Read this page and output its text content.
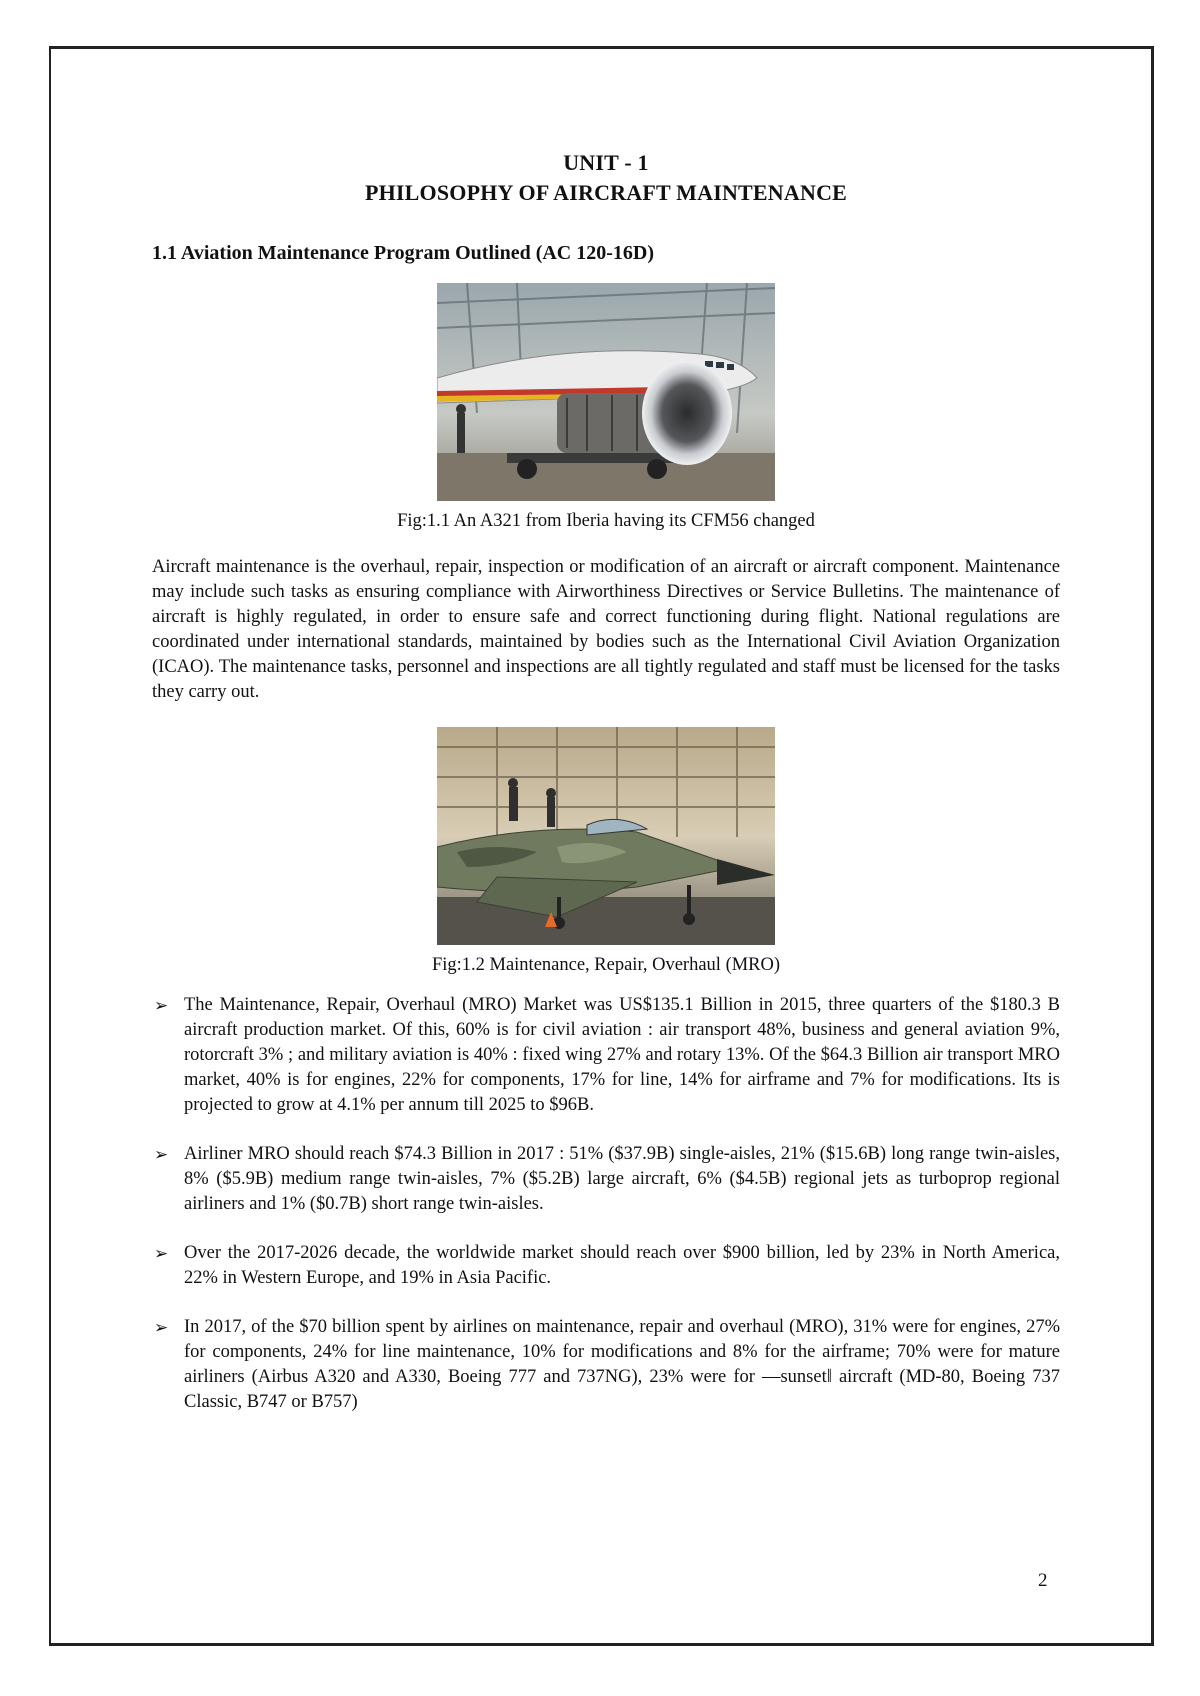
UNIT - 1
PHILOSOPHY OF AIRCRAFT MAINTENANCE
1.1 Aviation Maintenance Program Outlined (AC 120-16D)
Fig:1.1 An A321 from Iberia having its CFM56 changed

Aircraft maintenance is the overhaul, repair, inspection or modification of an aircraft or aircraft component. Maintenance may include such tasks as ensuring compliance with Airworthiness Directives or Service Bulletins. The maintenance of aircraft is highly regulated, in order to ensure safe and correct functioning during flight. National regulations are coordinated under international standards, maintained by bodies such as the International Civil Aviation Organization (ICAO). The maintenance tasks, personnel and inspections are all tightly regulated and staff must be licensed for the tasks they carry out.

Fig:1.2 Maintenance, Repair, Overhaul (MRO)
➢ The Maintenance, Repair, Overhaul (MRO) Market was US$135.1 Billion in 2015, three quarters of the $180.3 B aircraft production market. Of this, 60% is for civil aviation : air transport 48%, business and general aviation 9%, rotorcraft 3% ; and military aviation is 40% : fixed wing 27% and rotary 13%. Of the $64.3 Billion air transport MRO market, 40% is for engines, 22% for components, 17% for line, 14% for airframe and 7% for modifications. Its is projected to grow at 4.1% per annum till 2025 to $96B.
➢ Airliner MRO should reach $74.3 Billion in 2017 : 51% ($37.9B) single-aisles, 21% ($15.6B) long range twin-aisles, 8% ($5.9B) medium range twin-aisles, 7% ($5.2B) large aircraft, 6% ($4.5B) regional jets as turboprop regional airliners and 1% ($0.7B) short range twin-aisles.
➢ Over the 2017-2026 decade, the worldwide market should reach over $900 billion, led by 23% in North America, 22% in Western Europe, and 19% in Asia Pacific.
➢ In 2017, of the $70 billion spent by airlines on maintenance, repair and overhaul (MRO), 31% were for engines, 27% for components, 24% for line maintenance, 10% for modifications and 8% for the airframe; 70% were for mature airliners (Airbus A320 and A330, Boeing 777 and 737NG), 23% were for ―sunset‖ aircraft (MD-80, Boeing 737 Classic, B747 or B757)
2
